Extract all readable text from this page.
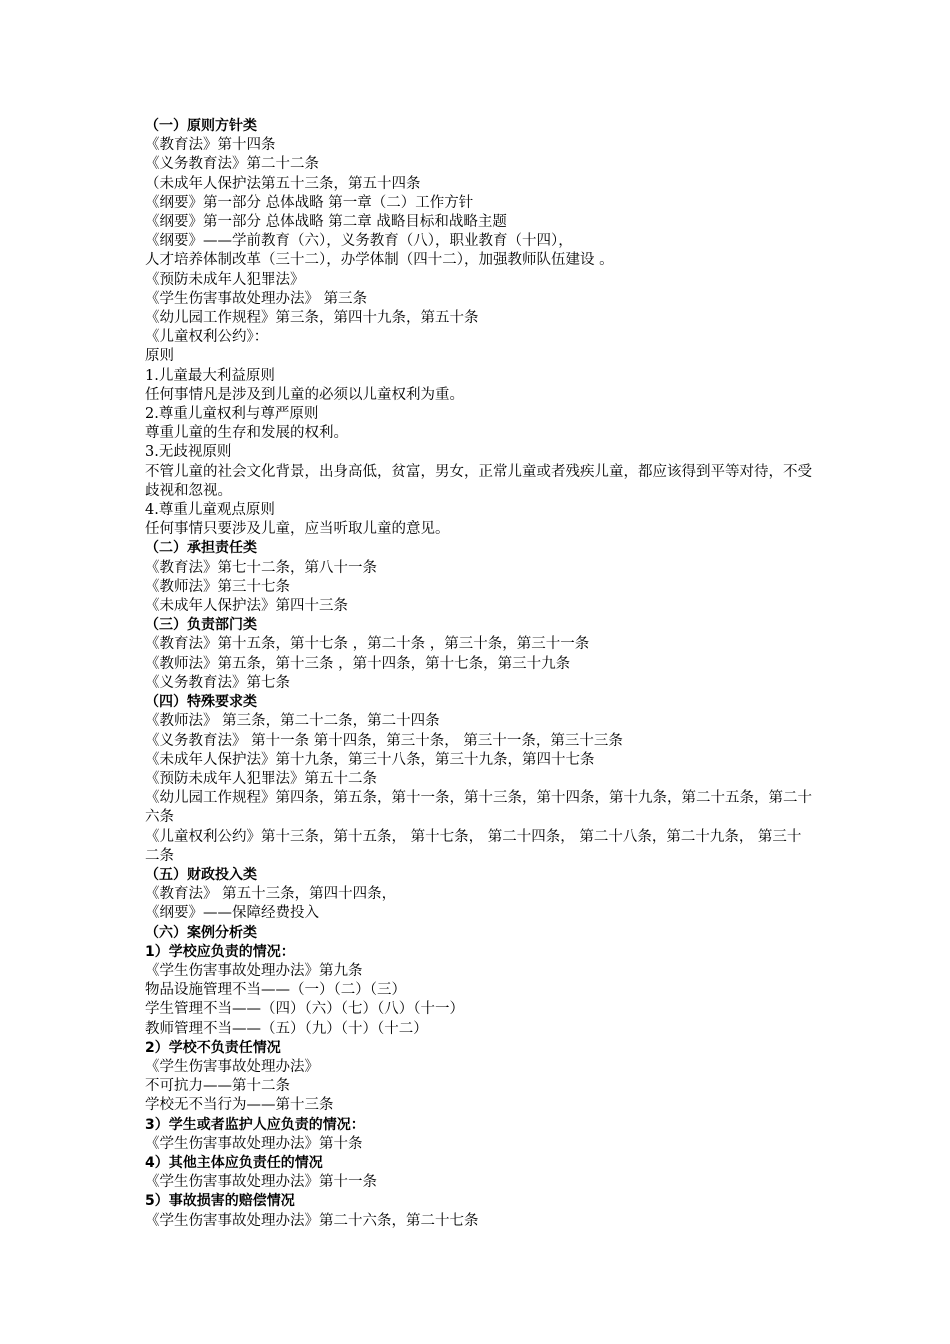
（一）原则方针类

《教育法》第十四条

《义务教育法》第二十二条

（未成年人保护法第五十三条，第五十四条

《纲要》第一部分 总体战略 第一章（二）工作方针

《纲要》第一部分 总体战略 第二章 战略目标和战略主题

《纲要》——学前教育（六），义务教育（八），职业教育（十四），

人才培养体制改革（三十二），办学体制（四十二），加强教师队伍建设 。

《预防未成年人犯罪法》

《学生伤害事故处理办法》 第三条

《幼儿园工作规程》第三条，第四十九条，第五十条

《儿童权利公约》：

原则

1.儿童最大利益原则

任何事情凡是涉及到儿童的必须以儿童权利为重。

2.尊重儿童权利与尊严原则

尊重儿童的生存和发展的权利。

3.无歧视原则

不管儿童的社会文化背景，出身高低，贫富，男女，正常儿童或者残疾儿童，都应该得到平等对待，不受歧视和忽视。

4.尊重儿童观点原则

任何事情只要涉及儿童，应当听取儿童的意见。

（二）承担责任类

《教育法》第七十二条，第八十一条

《教师法》第三十七条

《未成年人保护法》第四十三条

（三）负责部门类

《教育法》第十五条，第十七条 ，第二十条 ，第三十条，第三十一条

《教师法》第五条，第十三条 ，第十四条，第十七条，第三十九条

《义务教育法》第七条

（四）特殊要求类

《教师法》 第三条，第二十二条，第二十四条

《义务教育法》 第十一条 第十四条，第三十条， 第三十一条，第三十三条

《未成年人保护法》第十九条，第三十八条，第三十九条，第四十七条

《预防未成年人犯罪法》第五十二条

《幼儿园工作规程》第四条，第五条，第十一条，第十三条，第十四条，第十九条，第二十五条，第二十六条

《儿童权利公约》第十三条，第十五条， 第十七条， 第二十四条， 第二十八条，第二十九条， 第三十二条

（五）财政投入类

《教育法》 第五十三条，第四十四条，

《纲要》——保障经费投入

（六）案例分析类

1）学校应负责的情况：

《学生伤害事故处理办法》第九条

物品设施管理不当——（一）（二）（三）

学生管理不当——（四）（六）（七）（八）（十一）

教师管理不当——（五）（九）（十）（十二）

2）学校不负责任情况

《学生伤害事故处理办法》

不可抗力——第十二条

学校无不当行为——第十三条

3）学生或者监护人应负责的情况：

《学生伤害事故处理办法》第十条

4）其他主体应负责任的情况

《学生伤害事故处理办法》第十一条

5）事故损害的赔偿情况

《学生伤害事故处理办法》第二十六条，第二十七条
